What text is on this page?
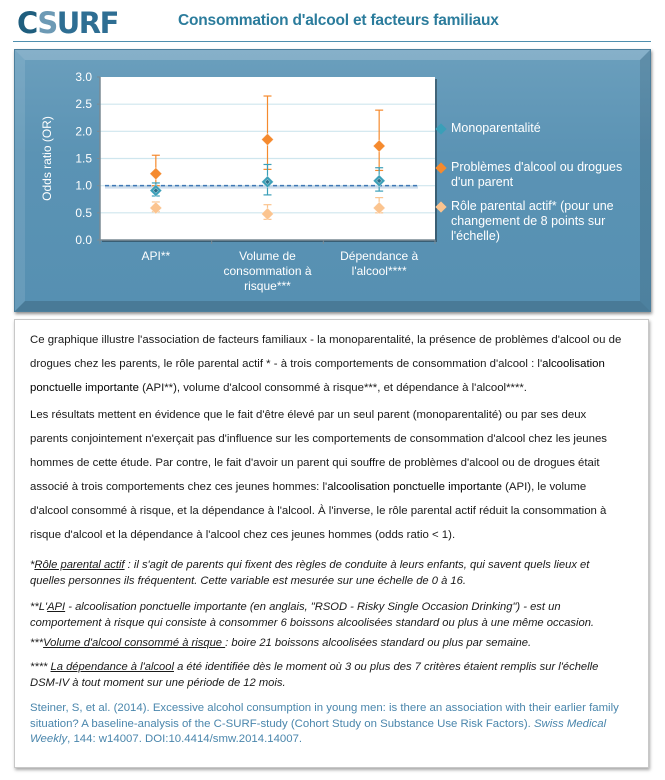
CSURF	Consommation d'alcool et facteurs familiaux
0.0
0.5
1.0
1.5
2.0
2.5
3.0
Odds ratio (OR)
API**	Volume de
consommation à
risque***
Dépendance à
l'alcool****
Monoparentalité
Problèmes d'alcool ou drogues
d'un parent
Rôle parental actif* (pour une
changement de 8 points sur l'échelle)
Ce graphique illustre l'association de facteurs familiaux - la monoparentalité, la présence de problèmes d'alcool ou de
drogues chez les parents, le rôle parental actif * - à trois comportements de consommation d'alcool : l'alcoolisation
ponctuelle importante (API**), volume d'alcool consommé à risque***, et dépendance à l'alcool****.
Les résultats mettent en évidence que le fait d'être élevé par un seul parent (monoparentalité) ou par ses deux
parents conjointement n'exerçait pas d'influence sur les comportements de consommation d'alcool chez les jeunes
hommes de cette étude. Par contre, le fait d'avoir un parent qui souffre de problèmes d'alcool ou de drogues était
associé à trois comportements chez ces jeunes hommes: l'alcoolisation ponctuelle importante (API), le volume
d'alcool consommé à risque, et la dépendance à l'alcool. À l'inverse, le rôle parental actif réduit la consommation à
risque d'alcool et la dépendance à l'alcool chez ces jeunes hommes (odds ratio < 1).
*Rôle parental actif : il s'agit de parents qui fixent des règles de conduite à leurs enfants, qui savent quels lieux et
quelles personnes ils fréquentent. Cette variable est mesurée sur une échelle de 0 à 16.
**L'API - alcoolisation ponctuelle importante (en anglais, "RSOD - Risky Single Occasion Drinking") - est un
comportement à risque qui consiste à consommer 6 boissons alcoolisées standard ou plus à une même occasion.
***Volume d'alcool consommé à risque : boire 21 boissons alcoolisées standard ou plus par semaine.
**** La dépendance à l'alcool a été identifiée dès le moment où 3 ou plus des 7 critères étaient remplis sur l'échelle
DSM-IV à tout moment sur une période de 12 mois.
Steiner, S, et al. (2014). Excessive alcohol consumption in young men: is there an association with their earlier family
situation? A baseline-analysis of the C-SURF-study (Cohort Study on Substance Use Risk Factors). Swiss Medical
Weekly, 144: w14007. DOI:10.4414/smw.2014.14007.
